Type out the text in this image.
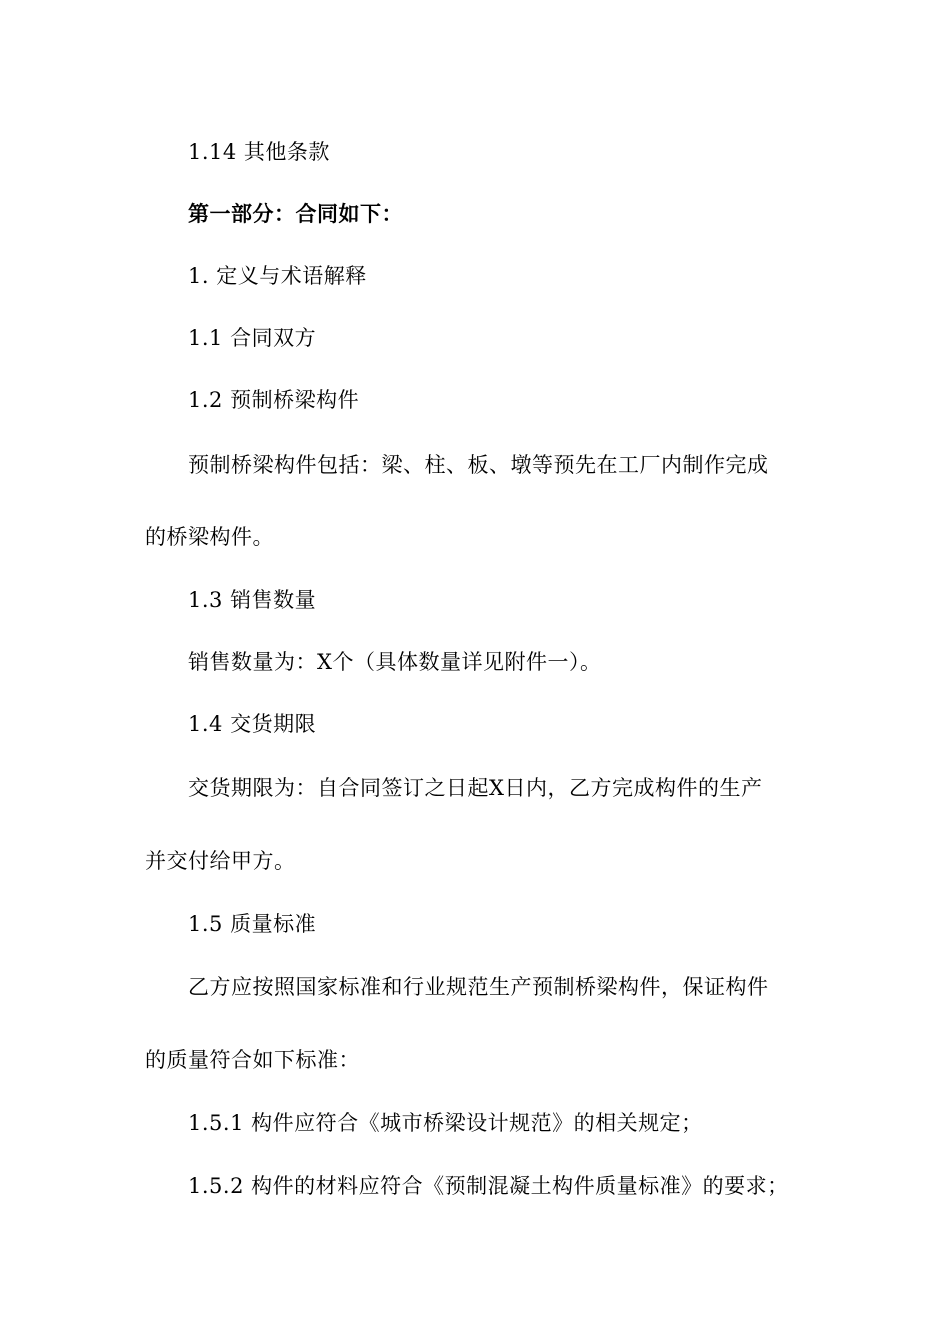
1.14 其他条款
第一部分：合同如下：
1. 定义与术语解释
1.1 合同双方
1.2 预制桥梁构件
预制桥梁构件包括：梁、柱、板、墩等预先在工厂内制作完成
的桥梁构件。
1.3 销售数量
销售数量为：X个（具体数量详见附件一）。
1.4 交货期限
交货期限为：自合同签订之日起X日内，乙方完成构件的生产
并交付给甲方。
1.5 质量标准
乙方应按照国家标准和行业规范生产预制桥梁构件，保证构件
的质量符合如下标准：
1.5.1 构件应符合《城市桥梁设计规范》的相关规定；
1.5.2 构件的材料应符合《预制混凝土构件质量标准》的要求；
